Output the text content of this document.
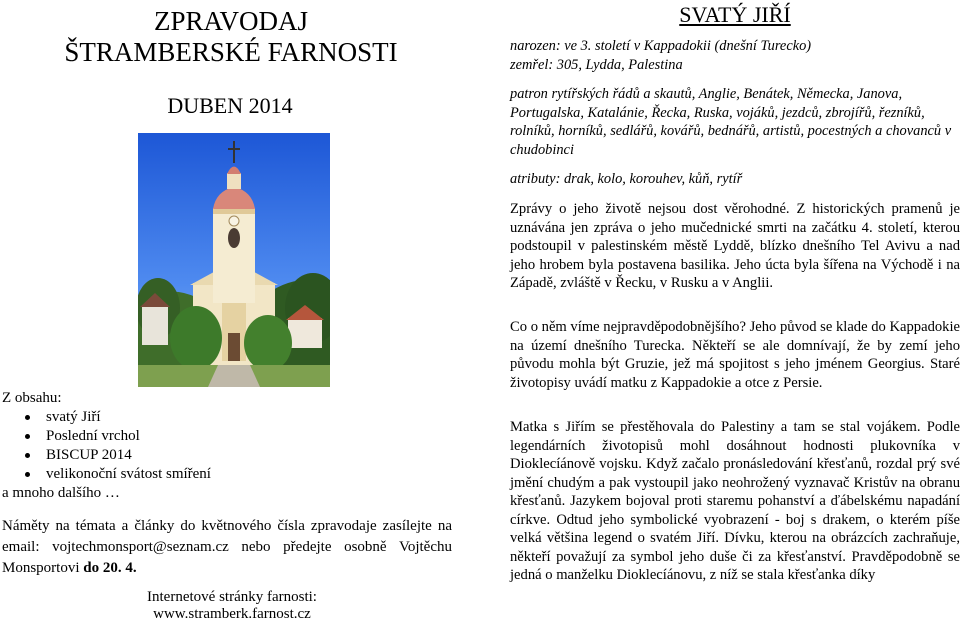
ZPRAVODAJ
ŠTRAMBERSKÉ FARNOSTI
DUBEN 2014
Z obsahu:
svatý Jiří
Poslední vrchol
BISCUP 2014
velikonoční svátost smíření
a mnoho dalšího …
Náměty na témata a články do květnového čísla zpravodaje zasílejte na email: vojtechmonsport@seznam.cz nebo předejte osobně Vojtěchu Monsportovi do 20. 4.
Internetové stránky farnosti:
www.stramberk.farnost.cz
SVATÝ JIŘÍ
narozen: ve 3. století v Kappadokii (dnešní Turecko)
zemřel: 305, Lydda, Palestina
patron rytířských řádů a skautů, Anglie, Benátek, Německa, Janova, Portugalska, Katalánie, Řecka, Ruska, vojáků, jezdců, zbrojířů, řezníků, rolníků, horníků, sedlářů, kovářů, bednářů, artistů, pocestných a chovanců v chudobinci
atributy: drak, kolo, korouhev, kůň, rytíř
Zprávy o jeho životě nejsou dost věrohodné. Z historických pramenů je uznávána jen zpráva o jeho mučednické smrti na začátku 4. století, kterou podstoupil v palestinském městě Lyddě, blízko dnešního Tel Avivu a nad jeho hrobem byla postavena basilika. Jeho úcta byla šířena na Východě i na Západě, zvláště v Řecku, v Rusku a v Anglii.
Co o něm víme nejpravděpodobnějšího? Jeho původ se klade do Kappadokie na území dnešního Turecka. Někteří se ale domnívají, že by zemí jeho původu mohla být Gruzie, jež má spojitost s jeho jménem Georgius. Staré životopisy uvádí matku z Kappadokie a otce z Persie.
Matka s Jiřím se přestěhovala do Palestiny a tam se stal vojákem. Podle legendárních životopisů mohl dosáhnout hodnosti plukovníka v Dioklecíánově vojsku. Když začalo pronásledování křesťanů, rozdal prý své jmění chudým a pak vystoupil jako neohrožený vyznavač Kristův na obranu křesťanů. Jazykem bojoval proti staremu pohanství a ďábelskému napadání církve. Odtud jeho symbolické vyobrazení - boj s drakem, o kterém píše velká většina legend o svatém Jiří. Dívku, kterou na obrázcích zachraňuje, někteří považují za symbol jeho duše či za křesťanství. Pravděpodobně se jedná o manželku Dioklecíánovu, z níž se stala křesťanka díky
